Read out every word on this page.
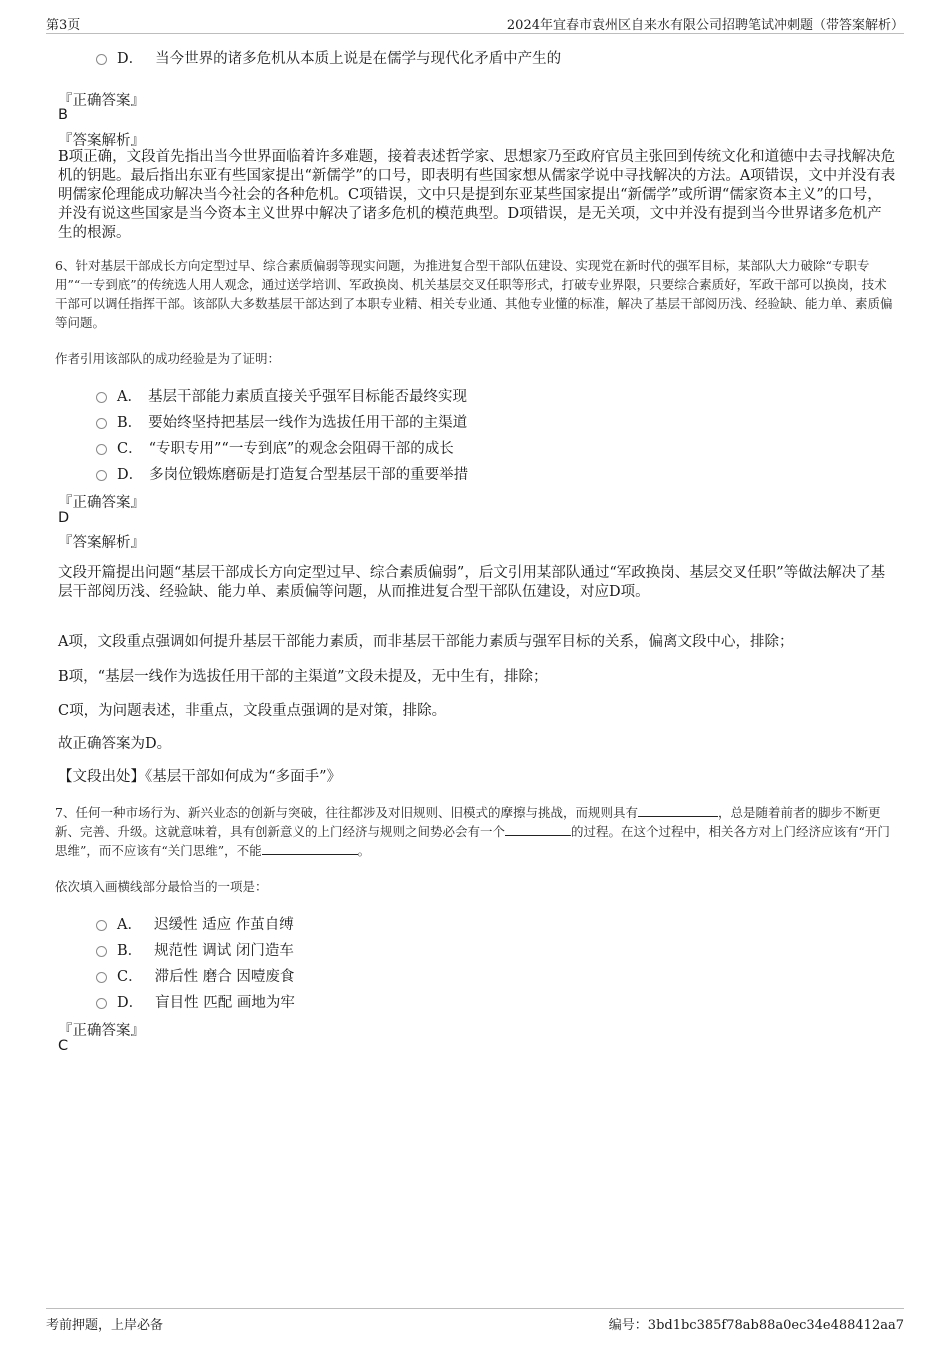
第3页	2024年宜春市袁州区自来水有限公司招聘笔试冲刺题（带答案解析）
D． 当今世界的诸多危机从本质上说是在儒学与现代化矛盾中产生的
『正确答案』
B
『答案解析』
B项正确，文段首先指出当今世界面临着许多难题，接着表述哲学家、思想家乃至政府官员主张回到传统文化和道德中去寻找解决危机的钥匙。最后指出东亚有些国家提出“新儒学”的口号，即表明有些国家想从儒家学说中寻找解决的方法。A项错误，文中并没有表明儒家伦理能成功解决当今社会的各种危机。C项错误，文中只是提到东亚某些国家提出“新儒学”或所谓“儒家资本主义”的口号，并没有说这些国家是当今资本主义世界中解决了诸多危机的模范典型。D项错误，是无关项，文中并没有提到当今世界诸多危机产生的根源。
6、针对基层干部成长方向定型过早、综合素质偏弱等现实问题，为推进复合型干部队伍建设、实现党在新时代的强军目标，某部队大力破除“专职专用”“一专到底”的传统选人用人观念，通过送学培训、军政换岗、机关基层交叉任职等形式，打破专业界限，只要综合素质好，军政干部可以换岗，技术干部可以调任指挥干部。该部队大多数基层干部达到了本职专业精、相关专业通、其他专业懂的标准，解决了基层干部阅历浅、经验缺、能力单、素质偏等问题。
作者引用该部队的成功经验是为了证明：
A． 基层干部能力素质直接关乎强军目标能否最终实现
B． 要始终坚持把基层一线作为选拔任用干部的主渠道
C． “专职专用”“一专到底”的观念会阻碍干部的成长
D． 多岗位锻炼磨砺是打造复合型基层干部的重要举措
『正确答案』
D
『答案解析』
文段开篇提出问题“基层干部成长方向定型过早、综合素质偏弱”，后文引用某部队通过“军政换岗、基层交叉任职”等做法解决了基层干部阅历浅、经验缺、能力单、素质偏等问题，从而推进复合型干部队伍建设，对应D项。
A项，文段重点强调如何提升基层干部能力素质，而非基层干部能力素质与强军目标的关系，偏离文段中心，排除；
B项，“基层一线作为选拔任用干部的主渠道”文段未提及，无中生有，排除；
C项，为问题表述，非重点，文段重点强调的是对策，排除。
故正确答案为D。
【文段出处】《基层干部如何成为“多面手”》
7、任何一种市场行为、新兴业态的创新与突破，往往都涉及对旧规则、旧模式的摩擦与挑战，而规则具有	，总是随着前者的脚步不断更新、完善、升级。这就意味着，具有创新意义的上门经济与规则之间势必会有一个	的过程。在这个过程中，相关各方对上门经济应该有“开门思维”，而不应该有“关门思维”，不能	。
依次填入画横线部分最恰当的一项是：
A． 迟缓性 适应 作茧自缚
B． 规范性 调试 闭门造车
C． 滞后性 磨合 因噎废食
D． 盲目性 匹配 画地为牢
『正确答案』
C
考前押题，上岸必备	编号：3bd1bc385f78ab88a0ec34e488412aa7
